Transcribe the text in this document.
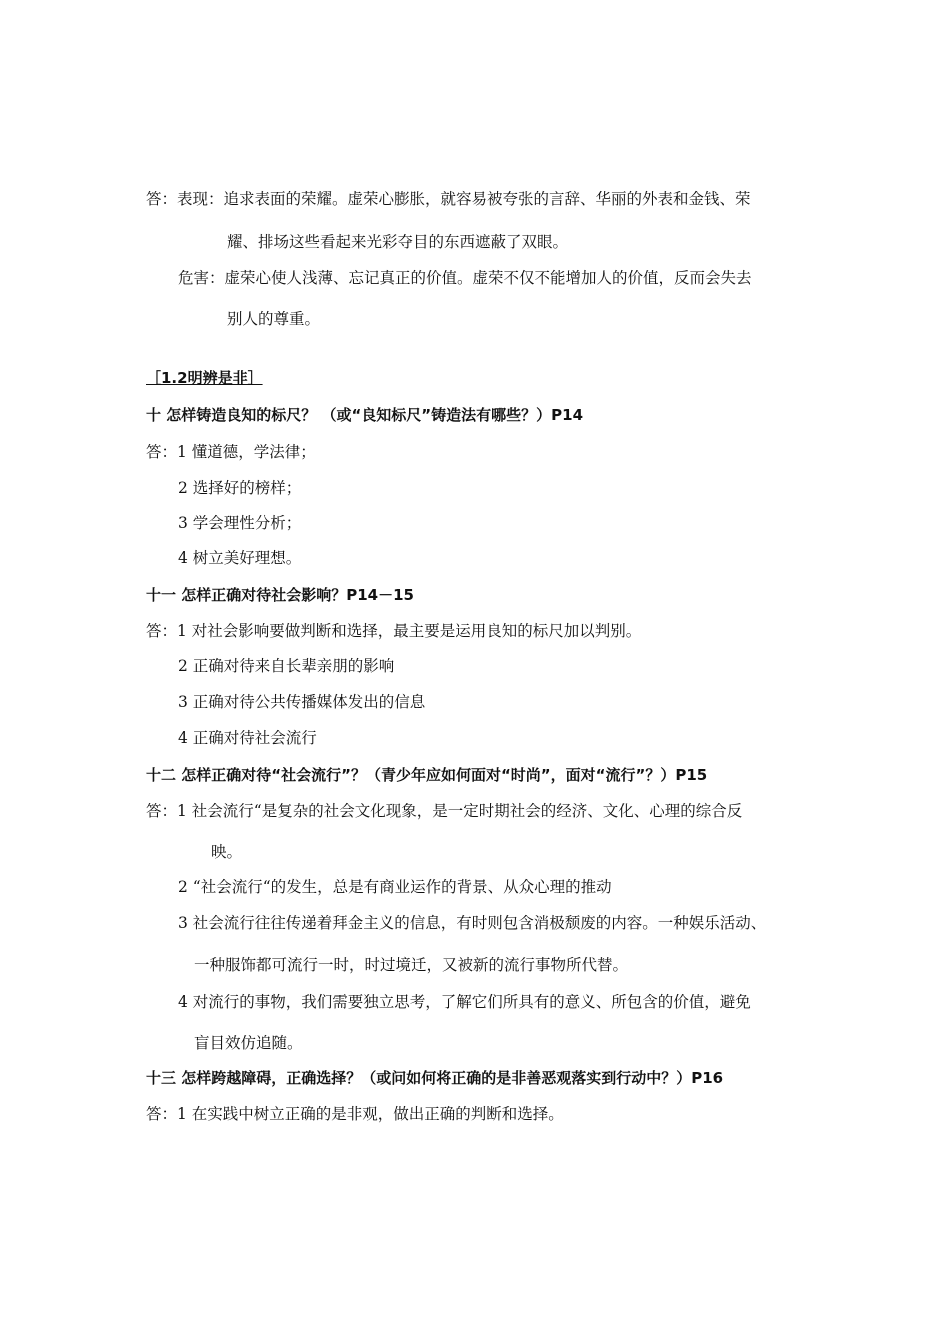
答：表现：追求表面的荣耀。虚荣心膨胀，就容易被夸张的言辞、华丽的外表和金钱、荣
耀、排场这些看起来光彩夺目的东西遮蔽了双眼。
危害：虚荣心使人浅薄、忘记真正的价值。虚荣不仅不能增加人的价值，反而会失去
别人的尊重。
［1.2明辨是非］
十 怎样铸造良知的标尺？ （或“良知标尺”铸造法有哪些？）P14
答：1 懂道德，学法律；
2 选择好的榜样；
3 学会理性分析；
4 树立美好理想。
十一 怎样正确对待社会影响？P14－15
答：1 对社会影响要做判断和选择，最主要是运用良知的标尺加以判别。
2 正确对待来自长辈亲朋的影响
3 正确对待公共传播媒体发出的信息
4 正确对待社会流行
十二 怎样正确对待“社会流行”？（青少年应如何面对“时尚”，面对“流行”？）P15
答：1 社会流行“是复杂的社会文化现象，是一定时期社会的经济、文化、心理的综合反
映。
2 “社会流行“的发生，总是有商业运作的背景、从众心理的推动
3 社会流行往往传递着拜金主义的信息，有时则包含消极颓废的内容。一种娱乐活动、
一种服饰都可流行一时，时过境迁，又被新的流行事物所代替。
4 对流行的事物，我们需要独立思考，了解它们所具有的意义、所包含的价值，避免
盲目效仿追随。
十三 怎样跨越障碍，正确选择？（或问如何将正确的是非善恶观落实到行动中？）P16
答：1 在实践中树立正确的是非观，做出正确的判断和选择。
